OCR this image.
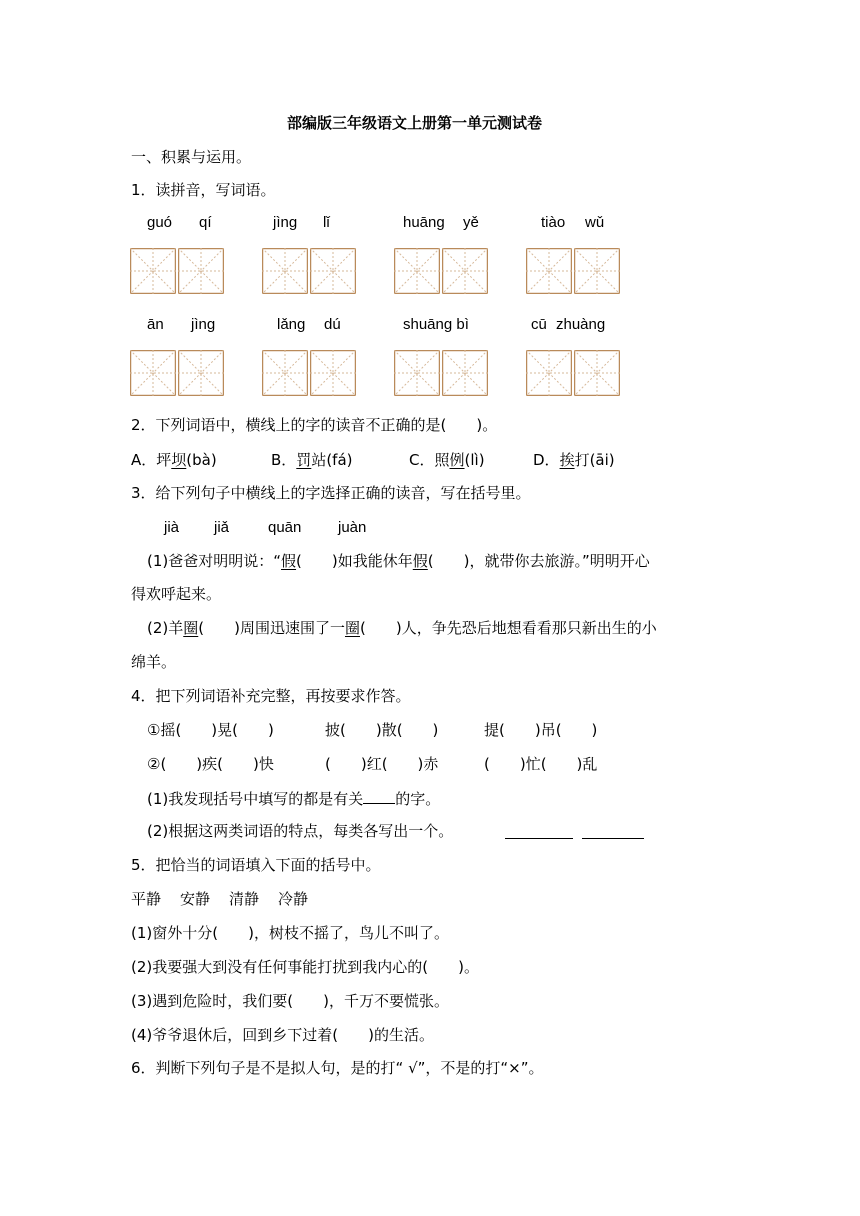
部编版三年级语文上册第一单元测试卷
一、积累与运用。
1．读拼音，写词语。
guó qí	jìng lǐ	huāng yě	tiào wǔ
ān jìng	lǎng dú	shuāng bì	cū zhuàng
2．下列词语中，横线上的字的读音不正确的是(　　)。
A．坪坝(bà)	B．罚站(fá)	C．照例(lì)	D．挨打(āi)
3．给下列句子中横线上的字选择正确的读音，写在括号里。
jià jiǎ	quān juàn
(1)爸爸对明明说：“假(　　)如我能休年假(　　)，就带你去旅游。”明明开心
得欢呼起来。
(2)羊圈(　　)周围迅速围了一圈(　　)人，争先恐后地想看看那只新出生的小
绵羊。
4．把下列词语补充完整，再按要求作答。
①摇(　　)晃(　　)	披(　　)散(　　)	提(　　)吊(　　)
②(　　)疾(　　)快	(　　)红(　　)赤	(　　)忙(　　)乱
(1)我发现括号中填写的都是有关 的字。
(2)根据这两类词语的特点，每类各写出一个。
5．把恰当的词语填入下面的括号中。
平静 安静 清静 冷静
(1)窗外十分(　　)，树枝不摇了，鸟儿不叫了。
(2)我要强大到没有任何事能打扰到我内心的(　　)。
(3)遇到危险时，我们要(　　)，千万不要慌张。
(4)爷爷退休后，回到乡下过着(　　)的生活。
6．判断下列句子是不是拟人句，是的打“ √”，不是的打“×”。
